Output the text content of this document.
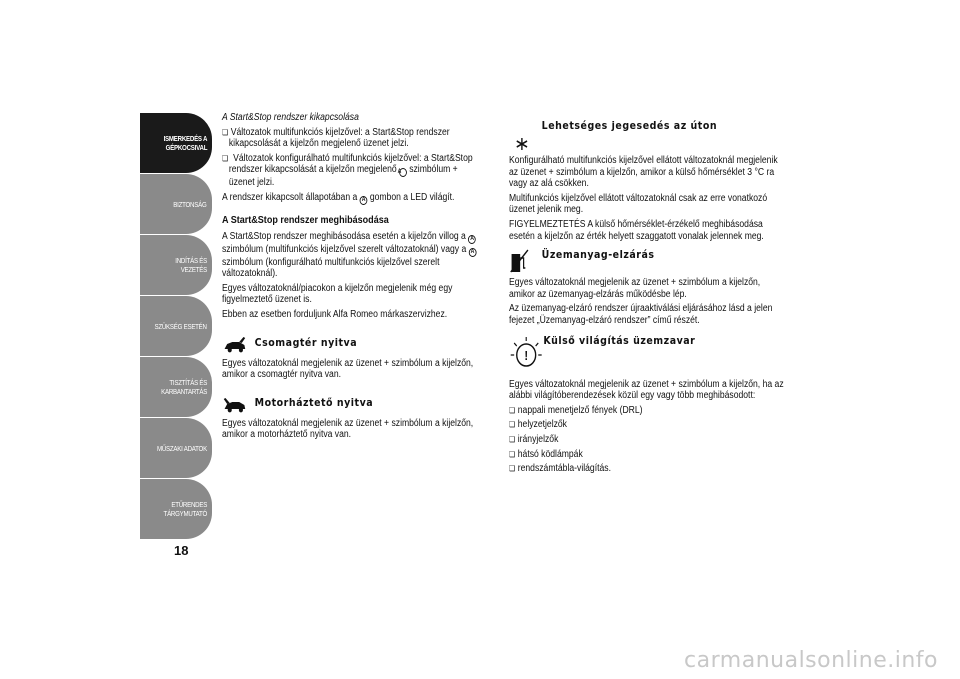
ISMERKEDÉS A
GÉPKOCSIVAL
BIZTONSÁG
INDÍTÁS ÉS VEZETÉS
SZÜKSÉG ESETÉN
TISZTÍTÁS ÉS
KARBANTARTÁS
MŰSZAKI ADATOK
ETŰRENDES
TÁRGYMUTATÓ
18
A Start&Stop rendszer kikapcsolása
❏ Változatok multifunkciós kijelzővel: a Start&Stop rendszer kikapcsolását a kijelzőn megjelenő üzenet jelzi.
❏ Változatok konfigurálható multifunkciós kijelzővel: a Start&Stop rendszer kikapcsolását a kijelzőn megjelenő A szimbólum + üzenet jelzi.
A rendszer kikapcsolt állapotában a A gombon a LED világít.
A Start&Stop rendszer meghibásodása
A Start&Stop rendszer meghibásodása esetén a kijelzőn villog a A szimbólum (multifunkciós kijelzővel szerelt változatoknál) vagy a A szimbólum (konfigurálható multifunkciós kijelzővel szerelt változatoknál).
Egyes változatoknál/piacokon a kijelzőn megjelenik még egy figyelmeztető üzenet is.
Ebben az esetben forduljunk Alfa Romeo márkaszervizhez.
Csomagtér nyitva
Egyes változatoknál megjelenik az üzenet + szimbólum a kijelzőn, amikor a csomagtér nyitva van.
Motorháztető nyitva
Egyes változatoknál megjelenik az üzenet + szimbólum a kijelzőn, amikor a motorháztető nyitva van.
Lehetséges jegesedés az úton
Konfigurálható multifunkciós kijelzővel ellátott változatoknál megjelenik az üzenet + szimbólum a kijelzőn, amikor a külső hőmérséklet 3 °C ra vagy az alá csökken.
Multifunkciós kijelzővel ellátott változatoknál csak az erre vonatkozó üzenet jelenik meg.
FIGYELMEZTETÉS A külső hőmérséklet-érzékelő meghibásodása esetén a kijelzőn az érték helyett szaggatott vonalak jelennek meg.
Üzemanyag-elzárás
Egyes változatoknál megjelenik az üzenet + szimbólum a kijelzőn, amikor az üzemanyag-elzárás működésbe lép.
Az üzemanyag-elzáró rendszer újraaktiválási eljárásához lásd a jelen fejezet „Üzemanyag-elzáró rendszer” című részét.
!
Külső világítás üzemzavar
Egyes változatoknál megjelenik az üzenet + szimbólum a kijelzőn, ha az alábbi világítóberendezések közül egy vagy több meghibásodott:
❏ nappali menetjelző fények (DRL)
❏ helyzetjelzők
❏ irányjelzők
❏ hátsó ködlámpák
❏ rendszámtábla-világítás.
carmanualsonline.info
